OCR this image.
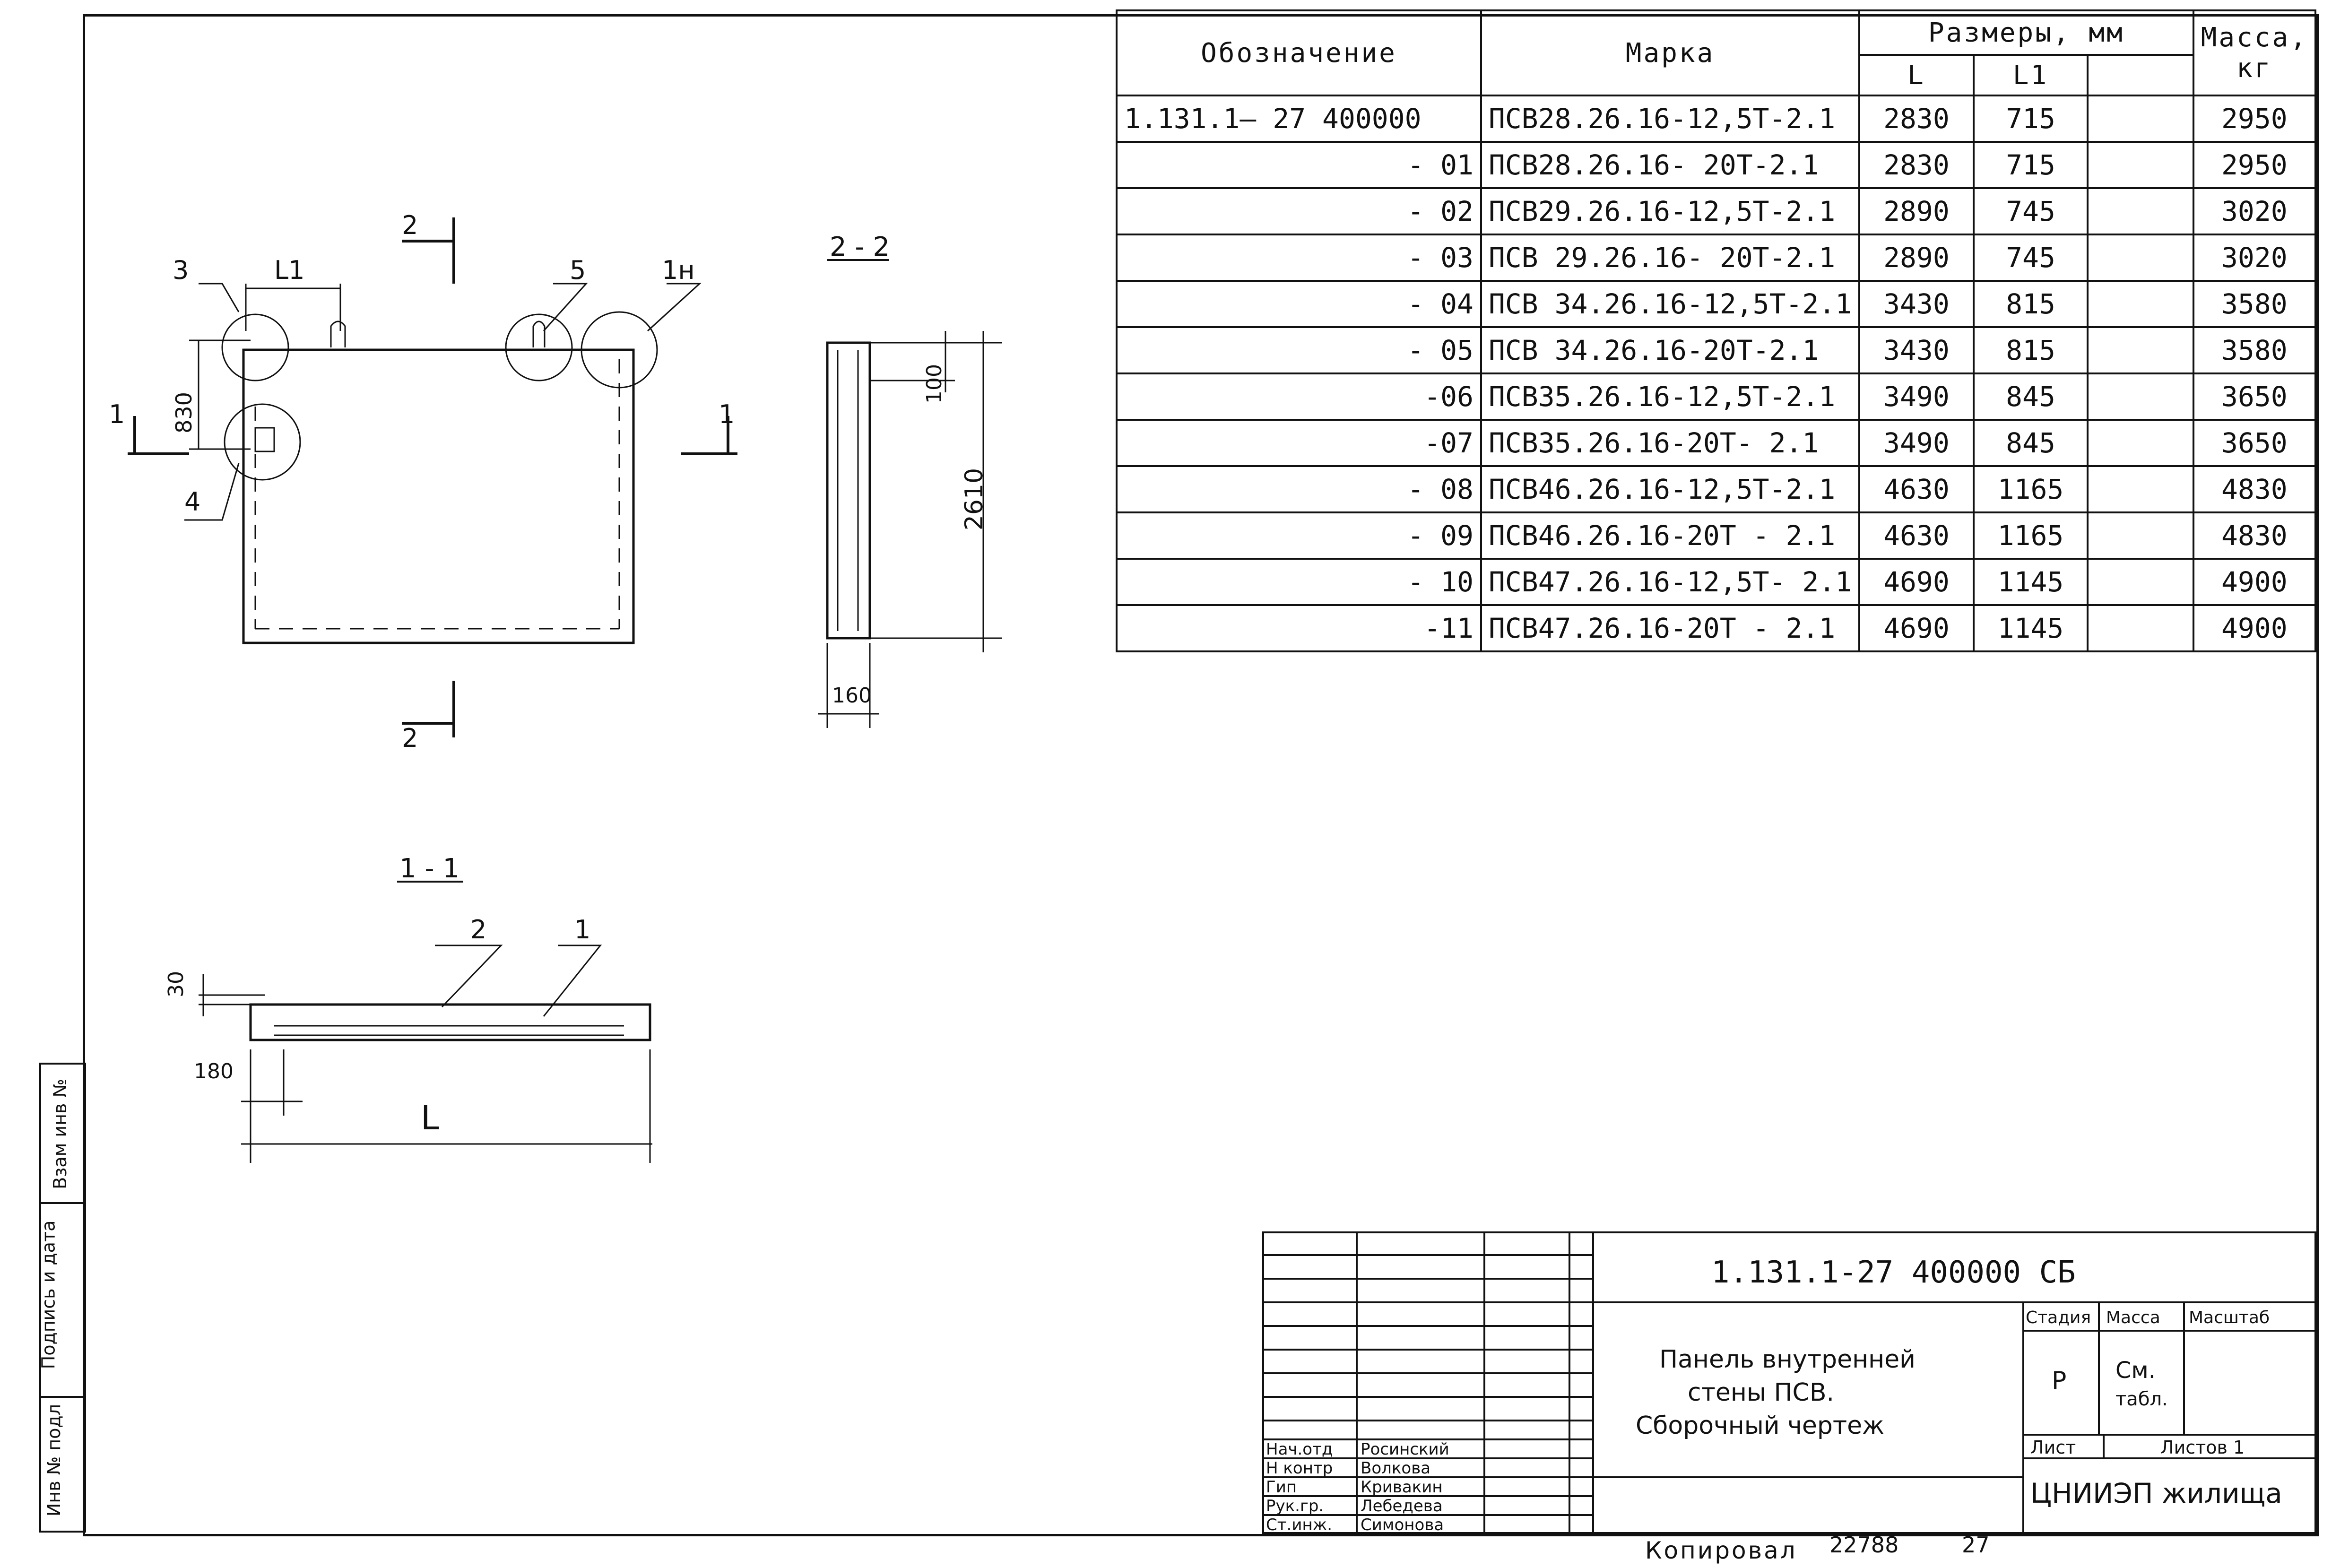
Обозначение	Марка	Размеры, мм			Масса, кг
		L	L1		
1.131.1– 27 400000	ПСВ28.26.16-12,5Т-2.1	2830	715		2950
- 01	ПСВ28.26.16- 20Т-2.1	2830	715		2950
- 02	ПСВ29.26.16-12,5Т-2.1	2890	745		3020
- 03	ПСВ 29.26.16- 20Т-2.1	2890	745		3020
- 04	ПСВ 34.26.16-12,5Т-2.1	3430	815		3580
- 05	ПСВ 34.26.16-20Т-2.1	3430	815		3580
-06	ПСВ35.26.16-12,5Т-2.1	3490	845		3650
-07	ПСВ35.26.16-20Т- 2.1	3490	845		3650
- 08	ПСВ46.26.16-12,5Т-2.1	4630	1165		4830
- 09	ПСВ46.26.16-20Т - 2.1	4630	1165		4830
- 10	ПСВ47.26.16-12,5Т- 2.1	4690	1145		4900
-11	ПСВ47.26.16-20Т - 2.1	4690	1145		4900
2 - 2
1 - 1
2
2
1	1
L1
3
4
5	1н
2	1
830
100
2610
160
30
180
L
Инв № подл
Подпись и дата
Взам инв №
1.131.1-27 400000 СБ
Панель внутренней
стены ПСВ.
Сборочный чертеж
Стадия Масса Масштаб
Р См.
табл.
Лист	Листов 1
ЦНИИЭП жилища
Нач.отд Росинский
Н контр Волкова
Гип	Кривакин
Рук.гр. Лебедева
Ст.инж. Симонова
Копировал 22788	27
